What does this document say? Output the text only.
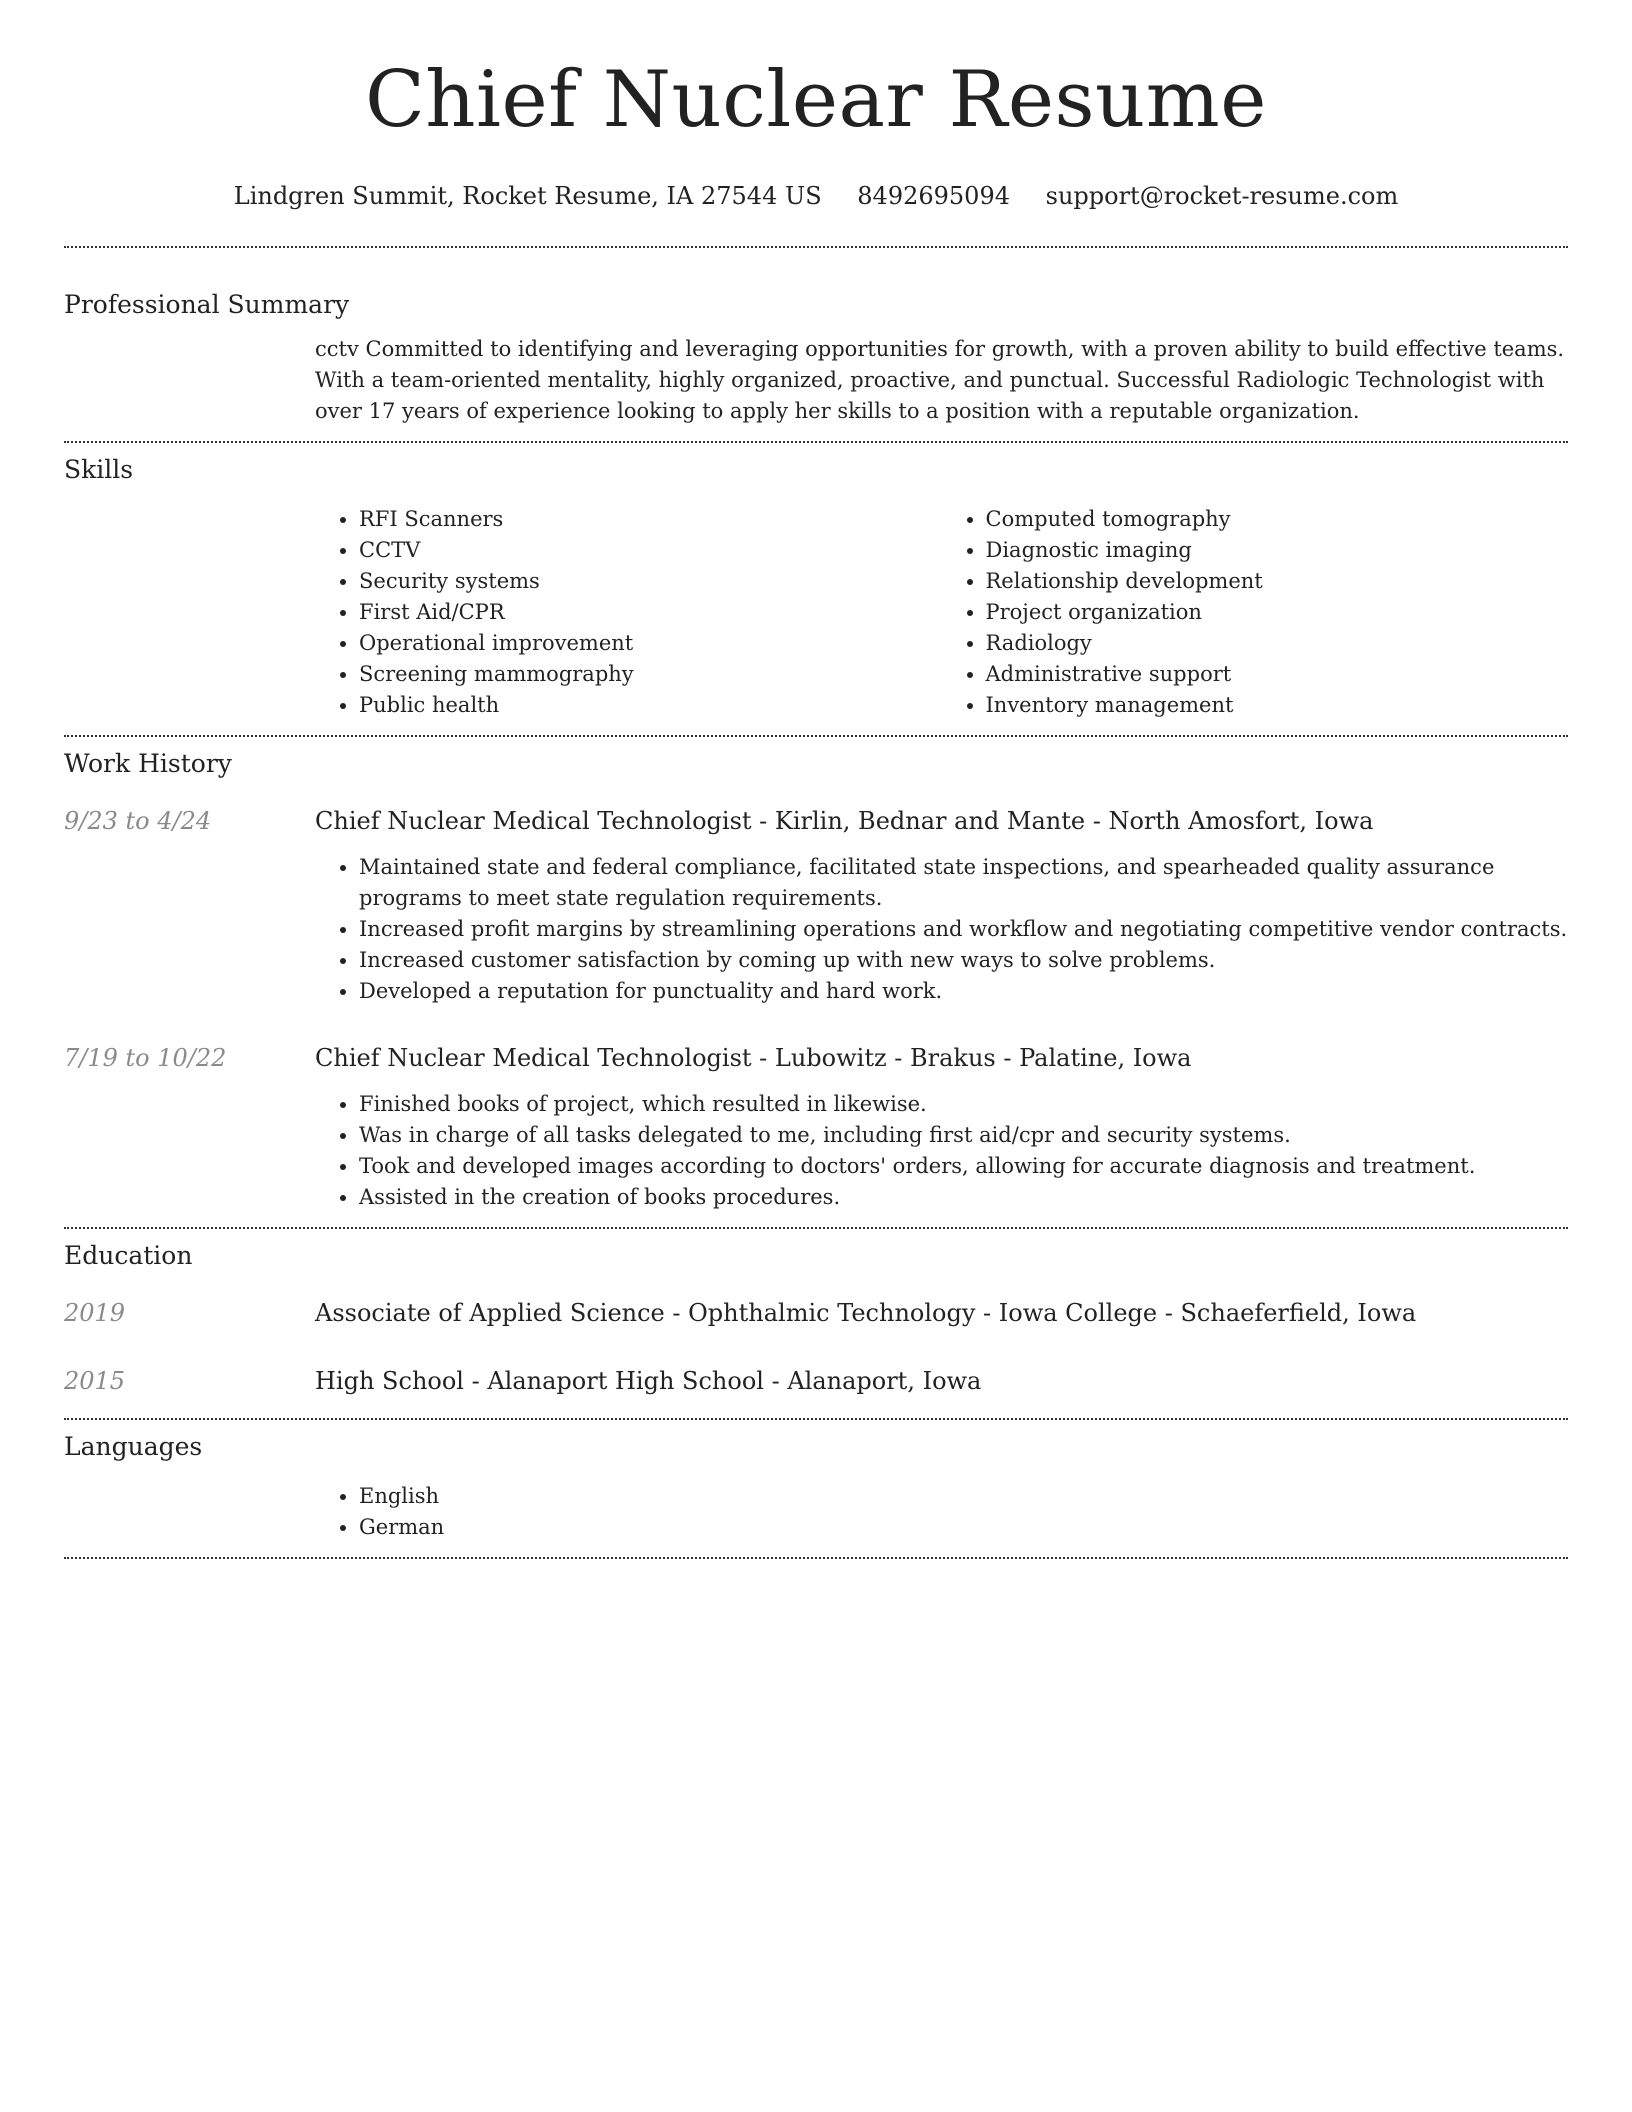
Chief Nuclear Resume
Lindgren Summit, Rocket Resume, IA 27544 US 8492695094 support@rocket-resume.com
Professional Summary

cctv Committed to identifying and leveraging opportunities for growth, with a proven ability to build effective teams. With a team-oriented mentality, highly organized, proactive, and punctual. Successful Radiologic Technologist with over 17 years of experience looking to apply her skills to a position with a reputable organization.

Skills
• RFI Scanners
• CCTV
• Security systems
• First Aid/CPR
• Operational improvement
• Screening mammography
• Public health
• Computed tomography
• Diagnostic imaging
• Relationship development
• Project organization
• Radiology
• Administrative support
• Inventory management
Work History
9/23 to 4/24	Chief Nuclear Medical Technologist - Kirlin, Bednar and Mante - North Amosfort, Iowa
• Maintained state and federal compliance, facilitated state inspections, and spearheaded quality assurance programs to meet state regulation requirements.
• Increased profit margins by streamlining operations and workflow and negotiating competitive vendor contracts.
• Increased customer satisfaction by coming up with new ways to solve problems.
• Developed a reputation for punctuality and hard work.
7/19 to 10/22	Chief Nuclear Medical Technologist - Lubowitz - Brakus - Palatine, Iowa
• Finished books of project, which resulted in likewise.
• Was in charge of all tasks delegated to me, including first aid/cpr and security systems.
• Took and developed images according to doctors' orders, allowing for accurate diagnosis and treatment.
• Assisted in the creation of books procedures.
Education
2019	Associate of Applied Science - Ophthalmic Technology - Iowa College - Schaeferfield, Iowa
2015	High School - Alanaport High School - Alanaport, Iowa
Languages
• English
• German
